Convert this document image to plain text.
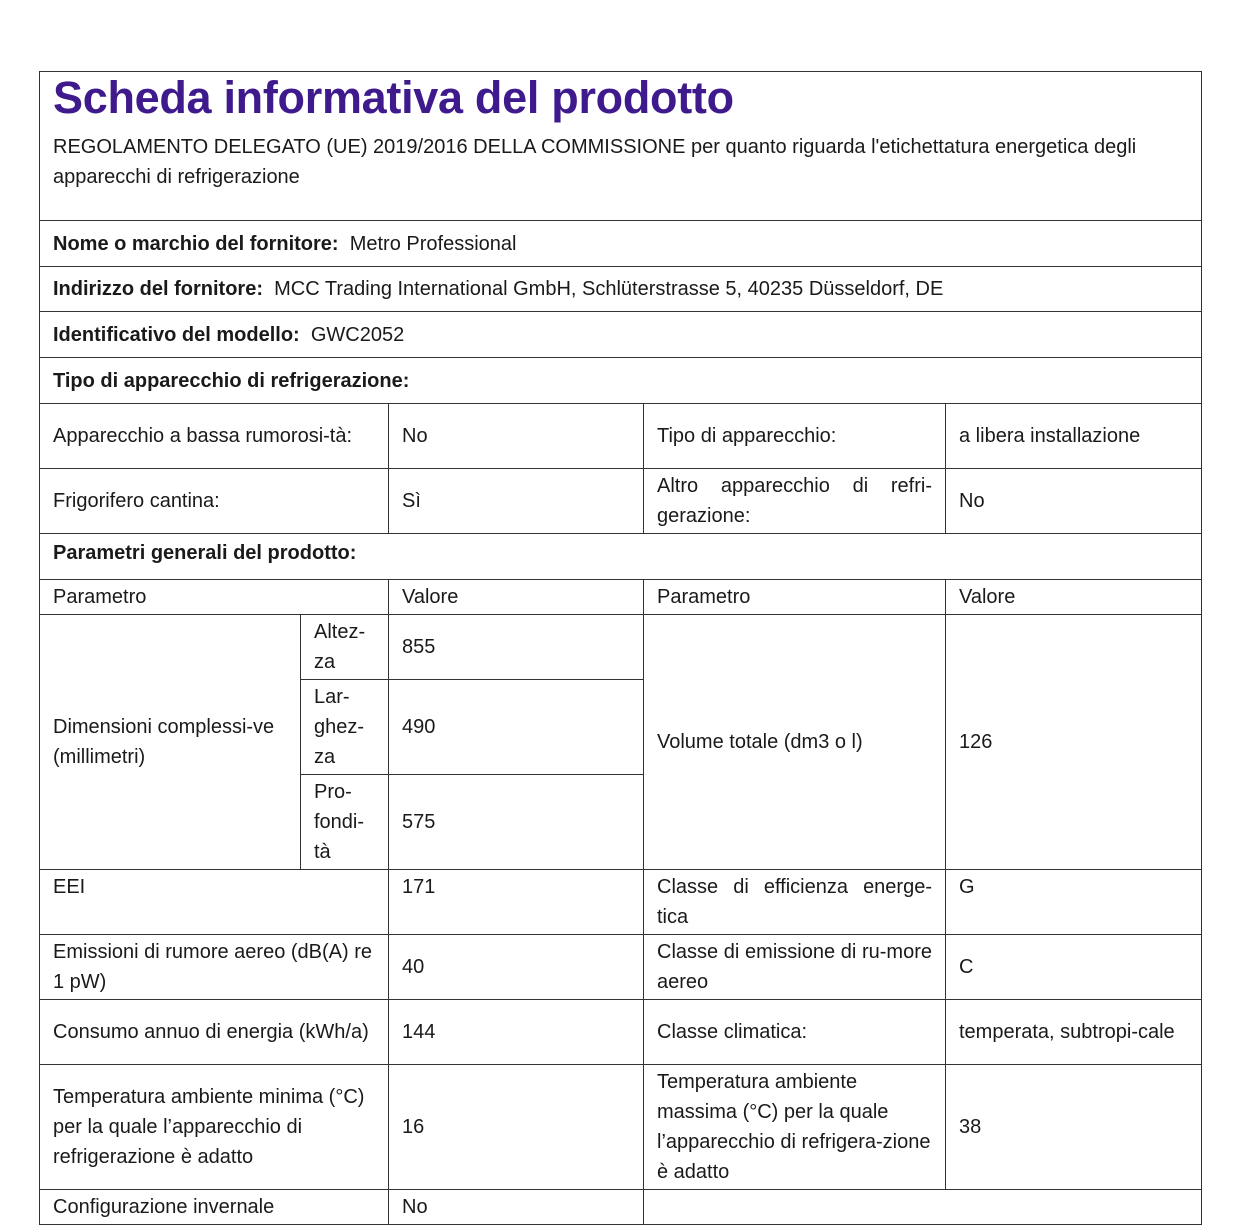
Scheda informativa del prodotto
REGOLAMENTO DELEGATO (UE) 2019/2016 DELLA COMMISSIONE per quanto riguarda l'etichettatura energetica degli apparecchi di refrigerazione				

Nome o marchio del fornitore: Metro Professional				
Indirizzo del fornitore: MCC Trading International GmbH, Schlüterstrasse 5, 40235 Düsseldorf, DE				
Identificativo del modello: GWC2052				
Tipo di apparecchio di refrigerazione:				
Apparecchio a bassa rumorosi-tà:		No	Tipo di apparecchio:	a libera installazione
Frigorifero cantina:		Sì	Altro apparecchio di refri-gerazione:	No
Parametri generali del prodotto:				
Parametro		Valore	Parametro	Valore
Dimensioni complessi-ve (millimetri)	Altez-za	855	Volume totale (dm3 o l)	126
	Lar-ghez-za	490		
	Pro-fondi-tà	575		
EEI		171	Classe di efficienza energe-tica	G
Emissioni di rumore aereo (dB(A) re 1 pW)		40	Classe di emissione di ru-more aereo	C
Consumo annuo di energia (kWh/a)		144	Classe climatica:	temperata, subtropi-cale
Temperatura ambiente minima (°C) per la quale l’apparecchio di refrigerazione è adatto		16	Temperatura ambiente massima (°C) per la quale l’apparecchio di refrigera-zione è adatto	38
Configurazione invernale		No		
